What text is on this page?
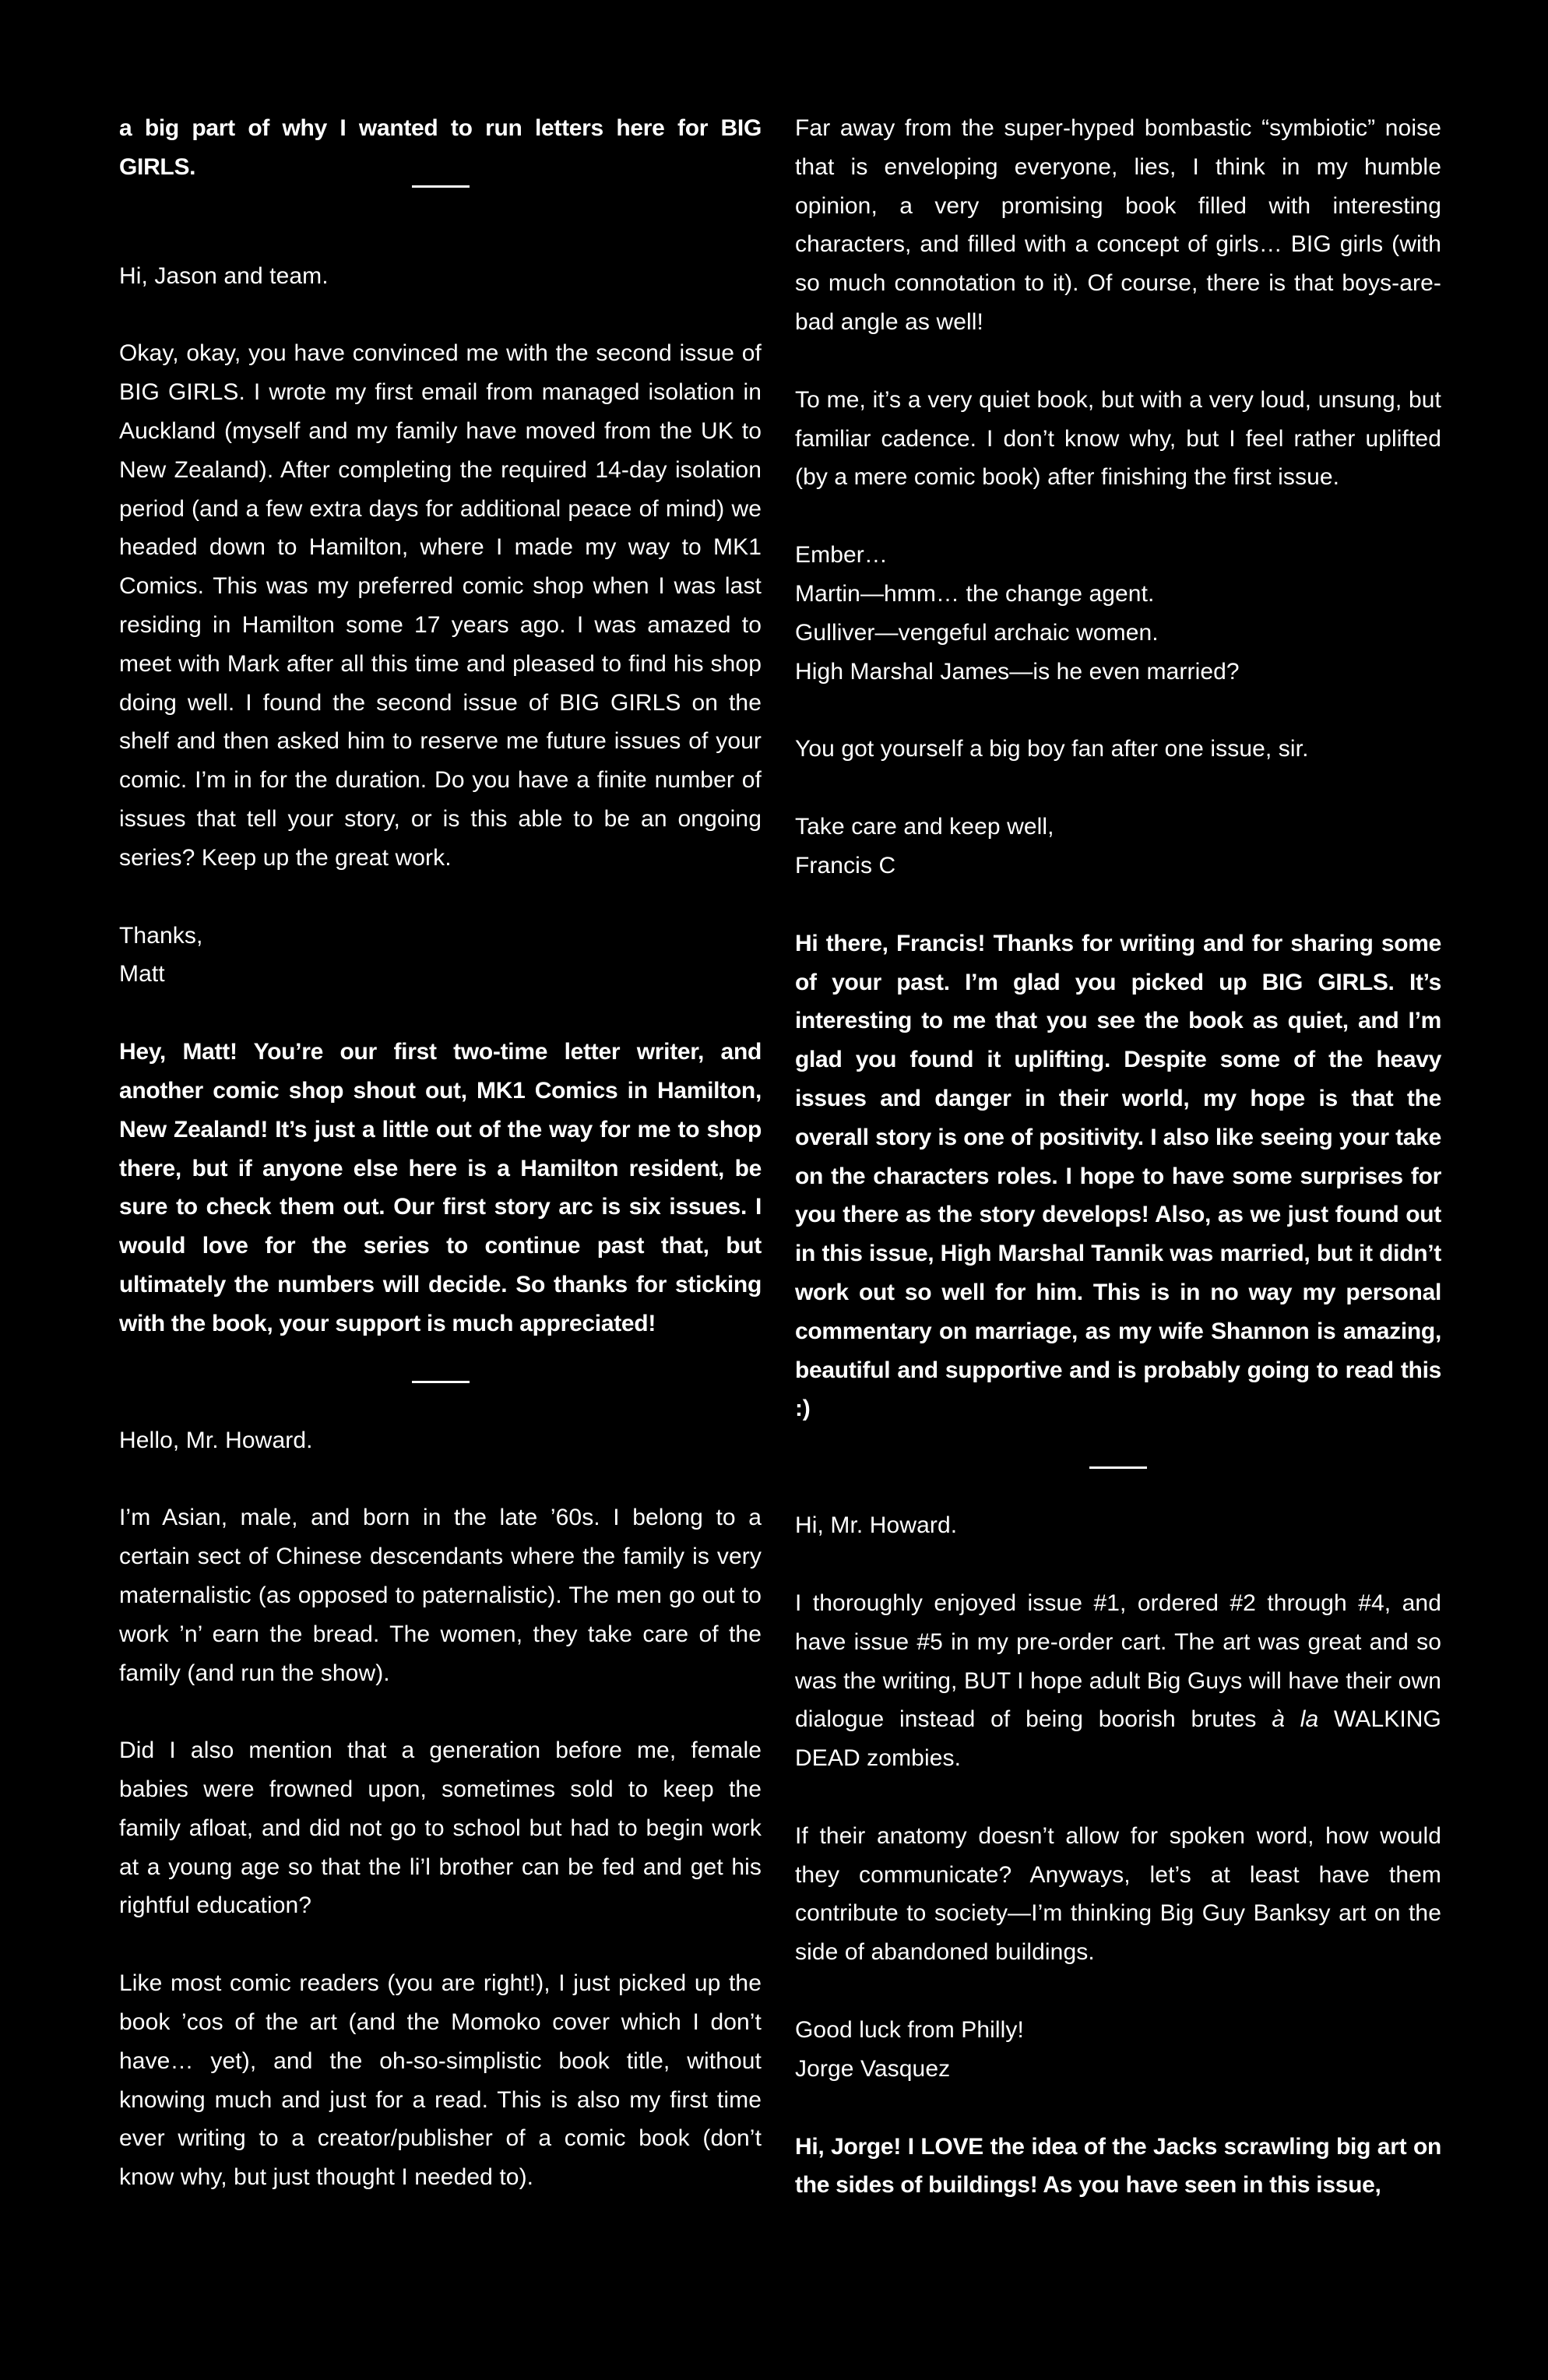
a big part of why I wanted to run letters here for BIG GIRLS.

Hi, Jason and team.

Okay, okay, you have convinced me with the second issue of BIG GIRLS. I wrote my first email from managed isolation in Auckland (myself and my family have moved from the UK to New Zealand). After completing the required 14-day isolation period (and a few extra days for additional peace of mind) we headed down to Hamilton, where I made my way to MK1 Comics. This was my preferred comic shop when I was last residing in Hamilton some 17 years ago. I was amazed to meet with Mark after all this time and pleased to find his shop doing well. I found the second issue of BIG GIRLS on the shelf and then asked him to reserve me future issues of your comic. I’m in for the duration. Do you have a finite number of issues that tell your story, or is this able to be an ongoing series? Keep up the great work.

Thanks,

Matt

Hey, Matt! You’re our first two-time letter writer, and another comic shop shout out, MK1 Comics in Hamilton, New Zealand! It’s just a little out of the way for me to shop there, but if anyone else here is a Hamilton resident, be sure to check them out. Our first story arc is six issues. I would love for the series to continue past that, but ultimately the numbers will decide. So thanks for sticking with the book, your support is much appreciated!

Hello, Mr. Howard.

I’m Asian, male, and born in the late ’60s. I belong to a certain sect of Chinese descendants where the family is very maternalistic (as opposed to paternalistic). The men go out to work ’n’ earn the bread. The women, they take care of the family (and run the show).

Did I also mention that a generation before me, female babies were frowned upon, sometimes sold to keep the family afloat, and did not go to school but had to begin work at a young age so that the li’l brother can be fed and get his rightful education?

Like most comic readers (you are right!), I just picked up the book ’cos of the art (and the Momoko cover which I don’t have… yet), and the oh-so-simplistic book title, without knowing much and just for a read. This is also my first time ever writing to a creator/publisher of a comic book (don’t know why, but just thought I needed to).

Far away from the super-hyped bombastic “symbiotic” noise that is enveloping everyone, lies, I think in my humble opinion, a very promising book filled with interesting characters, and filled with a concept of girls… BIG girls (with so much connotation to it). Of course, there is that boys-are-bad angle as well!

To me, it’s a very quiet book, but with a very loud, unsung, but familiar cadence. I don’t know why, but I feel rather uplifted (by a mere comic book) after finishing the first issue.

Ember…

Martin—hmm… the change agent.

Gulliver—vengeful archaic women.

High Marshal James—is he even married?

You got yourself a big boy fan after one issue, sir.

Take care and keep well,

Francis C

Hi there, Francis! Thanks for writing and for sharing some of your past. I’m glad you picked up BIG GIRLS. It’s interesting to me that you see the book as quiet, and I’m glad you found it uplifting. Despite some of the heavy issues and danger in their world, my hope is that the overall story is one of positivity. I also like seeing your take on the characters roles. I hope to have some surprises for you there as the story develops! Also, as we just found out in this issue, High Marshal Tannik was married, but it didn’t work out so well for him. This is in no way my personal commentary on marriage, as my wife Shannon is amazing, beautiful and supportive and is probably going to read this :)

Hi, Mr. Howard.

I thoroughly enjoyed issue #1, ordered #2 through #4, and have issue #5 in my pre-order cart. The art was great and so was the writing, BUT I hope adult Big Guys will have their own dialogue instead of being boorish brutes à la WALKING DEAD zombies.

If their anatomy doesn’t allow for spoken word, how would they communicate? Anyways, let’s at least have them contribute to society—I’m thinking Big Guy Banksy art on the side of abandoned buildings.

Good luck from Philly!

Jorge Vasquez

Hi, Jorge! I LOVE the idea of the Jacks scrawling big art on the sides of buildings! As you have seen in this issue,
